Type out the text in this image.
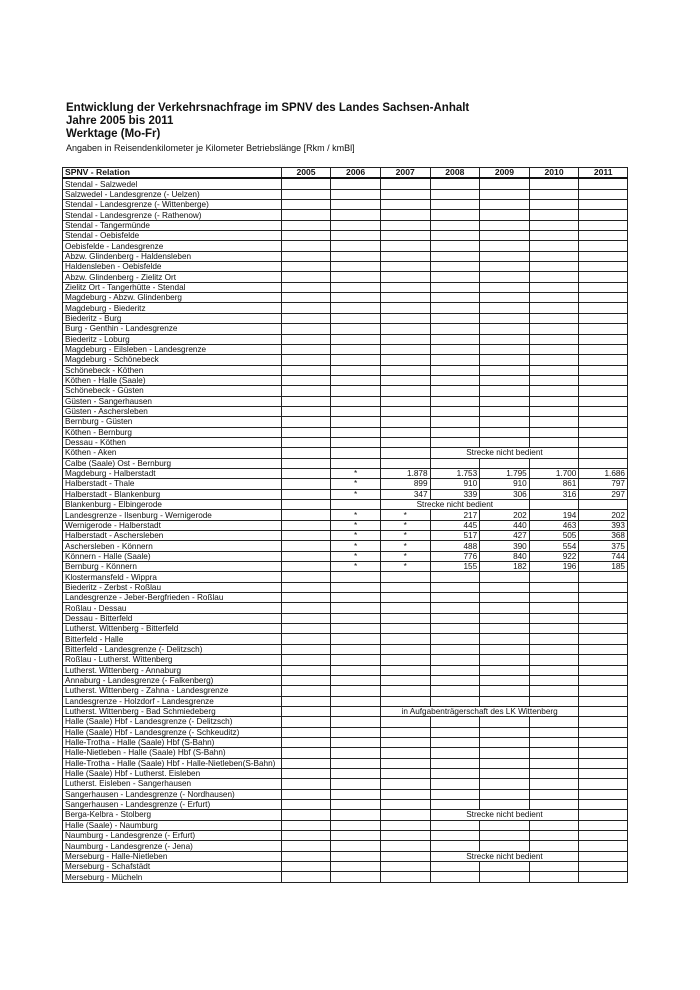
Entwicklung der Verkehrsnachfrage im SPNV des Landes Sachsen-Anhalt

Jahre 2005 bis 2011

Werktage (Mo-Fr)

Angaben in Reisendenkilometer je Kilometer Betriebslänge [Rkm / kmBl]

SPNV - Relation	2005	2006	2007	2008	2009	2010	2011
Stendal - Salzwedel							
Salzwedel - Landesgrenze (- Uelzen)							
Stendal - Landesgrenze (- Wittenberge)							
Stendal - Landesgrenze (- Rathenow)							
Stendal - Tangermünde							
Stendal - Oebisfelde							
Oebisfelde - Landesgrenze							
Abzw. Glindenberg - Haldensleben							
Haldensleben - Oebisfelde							
Abzw. Glindenberg - Zielitz Ort							
Zielitz Ort - Tangerhütte - Stendal							
Magdeburg - Abzw. Glindenberg							
Magdeburg - Biederitz							
Biederitz - Burg							
Burg - Genthin - Landesgrenze							
Biederitz - Loburg							
Magdeburg - Eilsleben - Landesgrenze							
Magdeburg - Schönebeck							
Schönebeck - Köthen							
Köthen - Halle (Saale)							
Schönebeck - Güsten							
Güsten - Sangerhausen							
Güsten - Aschersleben							
Bernburg - Güsten							
Köthen - Bernburg							
Dessau - Köthen							
Köthen - Aken				Strecke nicht bedient			
Calbe (Saale) Ost - Bernburg							
Magdeburg - Halberstadt		*	1.878	1.753	1.795	1.700	1.686
Halberstadt - Thale		*	899	910	910	861	797
Halberstadt - Blankenburg		*	347	339	306	316	297
Blankenburg - Elbingerode			Strecke nicht bedient				
Landesgrenze - Ilsenburg - Wernigerode		*	*	217	202	194	202
Wernigerode - Halberstadt		*	*	445	440	463	393
Halberstadt - Aschersleben		*	*	517	427	505	368
Aschersleben - Könnern		*	*	488	390	554	375
Könnern - Halle (Saale)		*	*	776	840	922	744
Bernburg - Könnern		*	*	155	182	196	185
Klostermansfeld - Wippra							
Biederitz - Zerbst - Roßlau							
Landesgrenze - Jeber-Bergfrieden - Roßlau							
Roßlau - Dessau							
Dessau - Bitterfeld							
Lutherst. Wittenberg - Bitterfeld							
Bitterfeld - Halle							
Bitterfeld - Landesgrenze (- Delitzsch)							
Roßlau - Lutherst. Wittenberg							
Lutherst. Wittenberg - Annaburg							
Annaburg - Landesgrenze (- Falkenberg)							
Lutherst. Wittenberg - Zahna - Landesgrenze							
Landesgrenze - Holzdorf - Landesgrenze							
Lutherst. Wittenberg - Bad Schmiedeberg			in Aufgabenträgerschaft des LK Wittenberg				
Halle (Saale) Hbf - Landesgrenze (- Delitzsch)							
Halle (Saale) Hbf - Landesgrenze (- Schkeuditz)							
Halle-Trotha - Halle (Saale) Hbf (S-Bahn)							
Halle-Nietleben - Halle (Saale) Hbf (S-Bahn)							
Halle-Trotha - Halle (Saale) Hbf - Halle-Nietleben(S-Bahn)							
Halle (Saale) Hbf - Lutherst. Eisleben							
Lutherst. Eisleben - Sangerhausen							
Sangerhausen - Landesgrenze (- Nordhausen)							
Sangerhausen - Landesgrenze (- Erfurt)							
Berga-Kelbra - Stolberg				Strecke nicht bedient			
Halle (Saale) - Naumburg							
Naumburg - Landesgrenze (- Erfurt)							
Naumburg - Landesgrenze (- Jena)							
Merseburg - Halle-Nietleben				Strecke nicht bedient			
Merseburg - Schafstädt							
Merseburg - Mücheln							
